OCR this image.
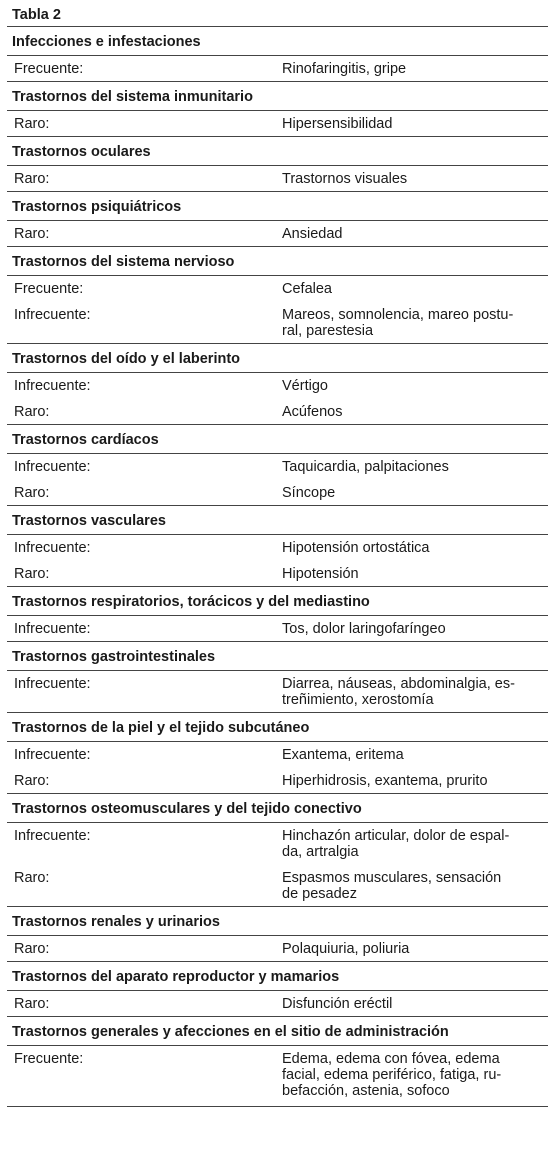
Tabla 2
Infecciones e infestaciones
Frecuente:	Rinofaringitis, gripe
Trastornos del sistema inmunitario
Raro:	Hipersensibilidad
Trastornos oculares
Raro:	Trastornos visuales
Trastornos psiquiátricos
Raro:	Ansiedad
Trastornos del sistema nervioso
Frecuente:	Cefalea
Infrecuente:	Mareos, somnolencia, mareo postu-
ral, parestesia
Trastornos del oído y el laberinto
Infrecuente:	Vértigo
Raro:	Acúfenos
Trastornos cardíacos
Infrecuente:	Taquicardia, palpitaciones
Raro:	Síncope
Trastornos vasculares
Infrecuente:	Hipotensión ortostática
Raro:	Hipotensión
Trastornos respiratorios, torácicos y del mediastino
Infrecuente:	Tos, dolor laringofaríngeo
Trastornos gastrointestinales
Infrecuente:	Diarrea, náuseas, abdominalgia, es-
treñimiento, xerostomía
Trastornos de la piel y el tejido subcutáneo
Infrecuente:	Exantema, eritema
Raro:	Hiperhidrosis, exantema, prurito
Trastornos osteomusculares y del tejido conectivo
Infrecuente:	Hinchazón articular, dolor de espal-
da, artralgia
Raro:	Espasmos musculares, sensación
de pesadez
Trastornos renales y urinarios
Raro:	Polaquiuria, poliuria
Trastornos del aparato reproductor y mamarios
Raro:	Disfunción eréctil
Trastornos generales y afecciones en el sitio de administración
Frecuente:	Edema, edema con fóvea, edema
facial, edema periférico, fatiga, ru-
befacción, astenia, sofoco
